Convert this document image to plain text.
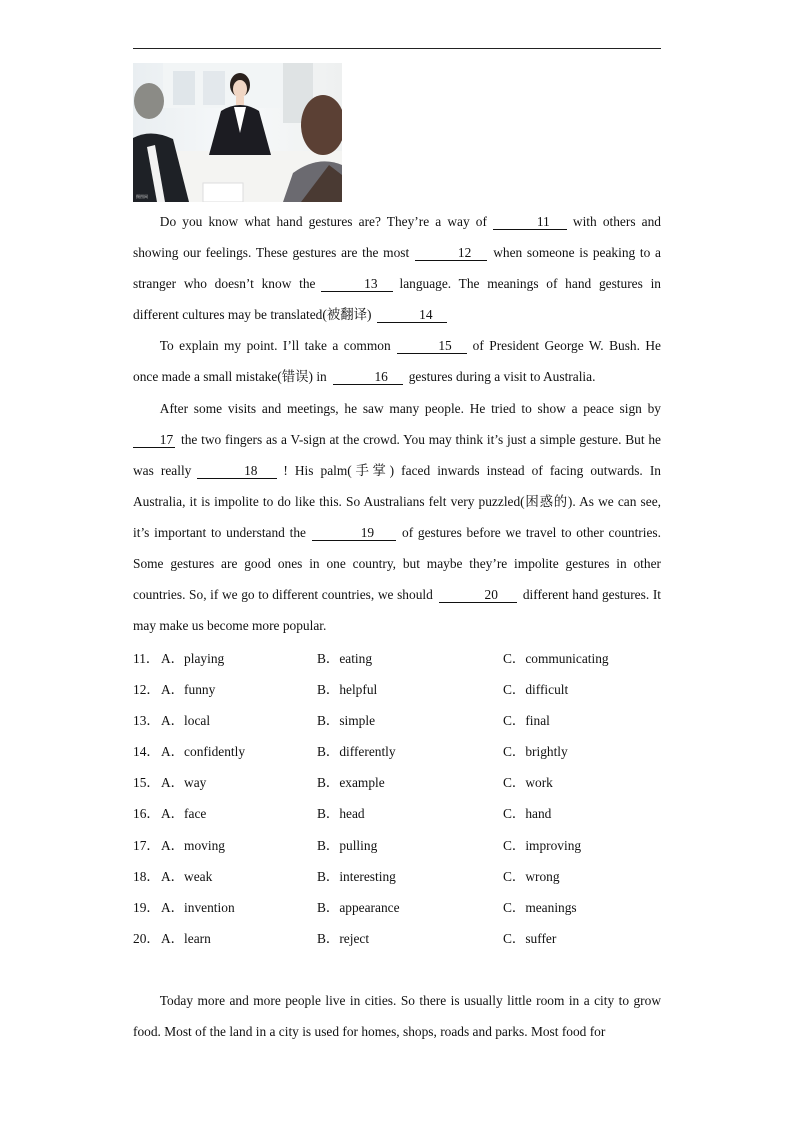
摄图网

Do you know what hand gestures are? They’re a way of	11 with others and showing our feelings. These gestures are the most	12 when someone is peaking to a stranger who doesn’t know the	13 language. The meanings of hand gestures in different cultures may be translated(被翻译)	14

To explain my point. I’ll take a common	15 of President George W. Bush. He once made a small mistake(错误) in	16 gestures during a visit to Australia.

After some visits and meetings, he saw many people. He tried to show a peace sign by17 the two fingers as a V-sign at the crowd. You may think it’s just a simple gesture. But he was really	18 ! His palm(手掌) faced inwards instead of facing outwards. In Australia, it is impolite to do like this. So Australians felt very puzzled(困惑的). As we can see, it’s important to understand the	19 of gestures before we travel to other countries. Some gestures are good ones in one country, but maybe they’re impolite gestures in other countries. So, if we go to different countries, we should	20 different hand gestures. It may make us become more popular.

11． A．playing	B．eating	C．communicating
12． A．funny	B．helpful	C．difficult
13． A．local	B．simple	C．final
14． A．confidently	B．differently	C．brightly
15． A．way	B．example	C．work
16． A．face	B．head	C．hand
17． A．moving	B．pulling	C．improving
18． A．weak	B．interesting	C．wrong
19． A．invention	B．appearance	C．meanings
20． A．learn	B．reject	C．suffer

Today more and more people live in cities. So there is usually little room in a city to grow food. Most of the land in a city is used for homes, shops, roads and parks. Most food for
